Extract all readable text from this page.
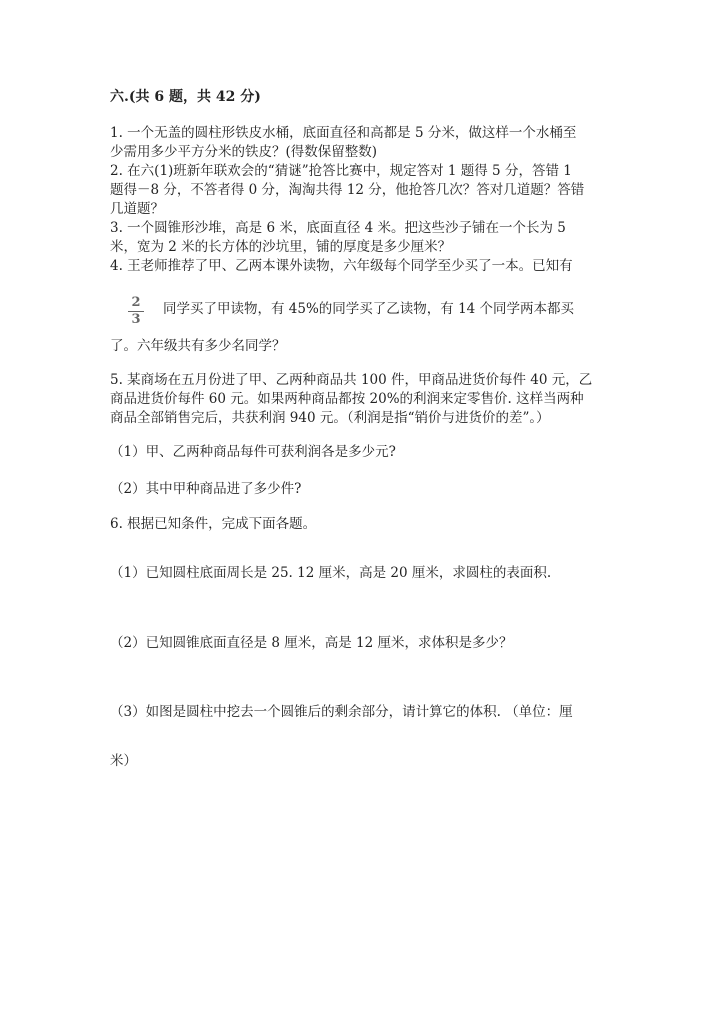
六.(共 6 题，共 42 分)
1. 一个无盖的圆柱形铁皮水桶，底面直径和高都是 5 分米，做这样一个水桶至
少需用多少平方分米的铁皮？(得数保留整数)
2. 在六(1)班新年联欢会的“猜谜”抢答比赛中，规定答对 1 题得 5 分，答错 1
题得－8 分，不答者得 0 分，淘淘共得 12 分，他抢答几次？答对几道题？答错
几道题？
3. 一个圆锥形沙堆，高是 6 米，底面直径 4 米。把这些沙子铺在一个长为 5
米，宽为 2 米的长方体的沙坑里，铺的厚度是多少厘米？
4. 王老师推荐了甲、乙两本课外读物，六年级每个同学至少买了一本。已知有
2
3
同学买了甲读物，有 45%的同学买了乙读物，有 14 个同学两本都买
了。六年级共有多少名同学？
5. 某商场在五月份进了甲、乙两种商品共 100 件，甲商品进货价每件 40 元，乙
商品进货价每件 60 元。如果两种商品都按 20%的利润来定零售价. 这样当两种
商品全部销售完后，共获利润 940 元。（利润是指“销价与进货价的差”。）
（1）甲、乙两种商品每件可获利润各是多少元?
（2）其中甲种商品进了多少件?
6. 根据已知条件，完成下面各题。
（1）已知圆柱底面周长是 25. 12 厘米，高是 20 厘米，求圆柱的表面积.
（2）已知圆锥底面直径是 8 厘米，高是 12 厘米，求体积是多少？
（3）如图是圆柱中挖去一个圆锥后的剩余部分，请计算它的体积. （单位：厘
米）
